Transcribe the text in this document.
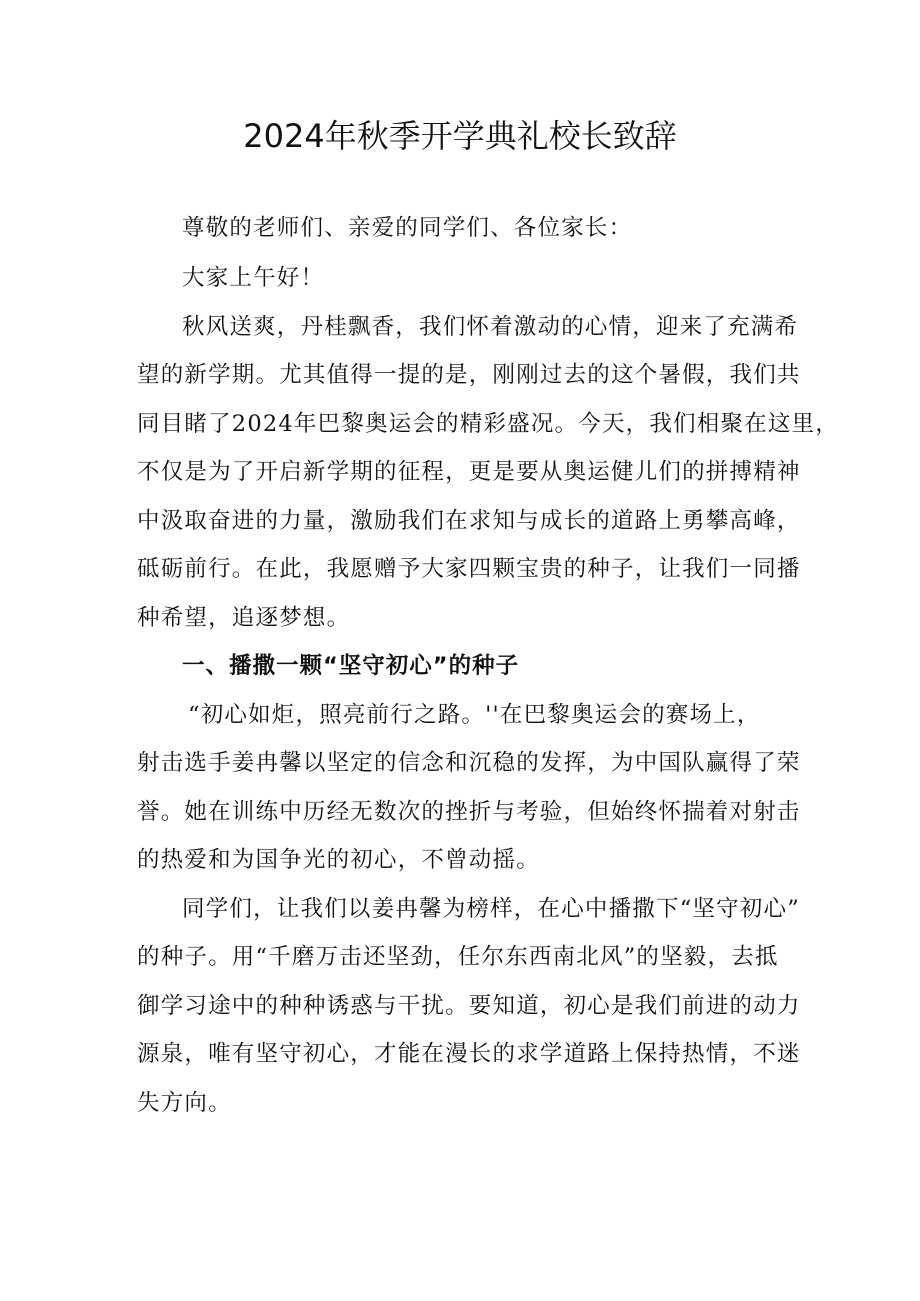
2024年秋季开学典礼校长致辞

尊敬的老师们、亲爱的同学们、各位家长：

大家上午好！

秋风送爽，丹桂飘香，我们怀着激动的心情，迎来了充满希

望的新学期。尤其值得一提的是，刚刚过去的这个暑假，我们共

同目睹了2024年巴黎奥运会的精彩盛况。今天，我们相聚在这里，

不仅是为了开启新学期的征程，更是要从奥运健儿们的拼搏精神

中汲取奋进的力量，激励我们在求知与成长的道路上勇攀高峰，

砥砺前行。在此，我愿赠予大家四颗宝贵的种子，让我们一同播

种希望，追逐梦想。

一、播撒一颗“坚守初心”的种子

“初心如炬，照亮前行之路。''在巴黎奥运会的赛场上，

射击选手姜冉馨以坚定的信念和沉稳的发挥，为中国队赢得了荣

誉。她在训练中历经无数次的挫折与考验，但始终怀揣着对射击

的热爱和为国争光的初心，不曾动摇。

同学们，让我们以姜冉馨为榜样，在心中播撒下“坚守初心”

的种子。用“千磨万击还坚劲，任尔东西南北风”的坚毅，去抵

御学习途中的种种诱惑与干扰。要知道，初心是我们前进的动力

源泉，唯有坚守初心，才能在漫长的求学道路上保持热情，不迷

失方向。
